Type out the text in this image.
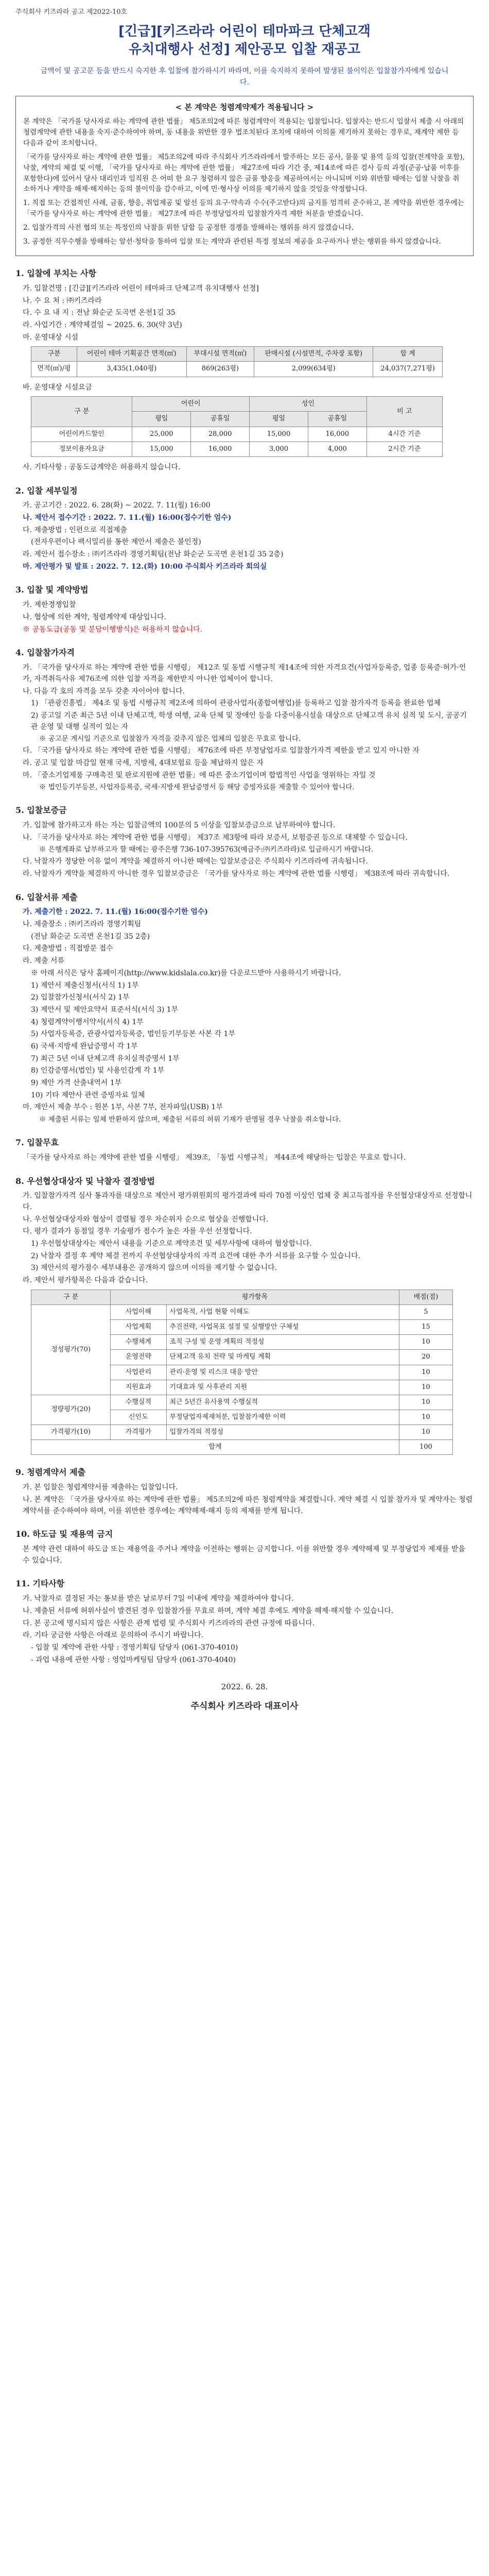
주식회사 키즈라라 공고 제2022-10호
[긴급][키즈라라 어린이 테마파크 단체고객
유치대행사 선정] 제안공모 입찰 재공고
금액이 및 공고문 등을 반드시 숙지한 후 입찰에 참가하시기 바라며, 이를 숙지하지 못하여 발생된 불이익은 입찰참가자에게 있습니다.
< 본 계약은 청렴계약제가 적용됩니다 >

본 계약은 「국가를 당사자로 하는 계약에 관한 법률」 제5조의2에 따른 청렴계약이 적용되는 입찰입니다. 입찰자는 반드시 입찰서 제출 시 아래의 청렴계약에 관한 내용을 숙지·준수하여야 하며, 동 내용을 위반한 경우 법조치된다 조치에 대하여 이의를 제기하지 못하는 경우로, 재계약 제한 등 다음과 같이 조치합니다.

「국가를 당사자로 하는 계약에 관한 법률」 제5조의2에 따라 주식회사 키즈라라에서 발주하는 모든 공사, 물품 및 용역 등의 입찰(전계약을 포함), 낙찰, 계약의 체결 및 이행, 「국가를 당사자로 하는 계약에 관한 법률」 제27조에 따라 기간 중, 제14조에 따른 검사 등의 과정(준공·납품 이후를 포함한다)에 있어서 당사 대리인과 임직원 은 어떠 한 요구 청렴하지 않은 금품 향응을 제공하여서는 아니되며 이와 위반할 때에는 입찰 낙찰을 취소하거나 계약을 해제·해지하는 등의 불이익을 감수하고, 이에 민·형사상 이의를 제기하지 않을 것임을 약정합니다.

1. 직접 또는 간접적인 사례, 금품, 향응, 취업제공 및 알선 등의 요구·약속과 수수(주고받다)의 금지를 엄격히 준수하고, 본 계약을 위반한 경우에는 「국가를 당사자로 하는 계약에 관한 법률」 제27조에 따른 부정당업자의 입찰참가자격 제한 처분을 받겠습니다.

2. 입찰가격의 사전 협의 또는 특정인의 낙찰을 위한 담합 등 공정한 경쟁을 방해하는 행위를 하지 않겠습니다.

3. 공정한 직무수행을 방해하는 알선·청탁을 통하여 입찰 또는 계약과 관련된 특정 정보의 제공을 요구하거나 받는 행위를 하지 않겠습니다.

1. 입찰에 부치는 사항
가. 입찰건명 : [긴급][키즈라라 어린이 테마파크 단체고객 유치대행사 선정]
나. 수 요 처 : ㈜키즈라라
다. 수 요 내 지 : 전남 화순군 도곡면 온천1길 35
라. 사업기간 : 계약체결일 ~ 2025. 6. 30(약 3년)
마. 운영대상 시설
구분	어린이 테마 기획공간 면적(㎡)	부대시설 면적(㎡)	판매시설 (시설면적, 주차장 포함)	합 계
면적(㎡)/평	3,435(1,040평)	869(263평)	2,099(634평)	24,037(7,271평)
바. 운영대상 시설요금
구 분	어린이		성인		비 고
	평일	공휴일	평일	공휴일	
어린이카드할인	25,000	28,000	15,000	16,000	4시간 기준
정보이용자요금	15,000	16,000	3,000	4,000	2시간 기준
사. 기타사항 : 공동도급계약은 허용하지 않습니다.
2. 입찰 세부일정
가. 공고기간 : 2022. 6. 28(화) ~ 2022. 7. 11(월) 16:00
나. 제안서 접수기간 : 2022. 7. 11.(월) 16:00(접수기한 엄수)
다. 제출방법 : 인편으로 직접제출
(전자우편이나 팩시밀리를 통한 제안서 제출은 불인정)
라. 제안서 접수장소 : ㈜키즈라라 경영기획팀(전남 화순군 도곡면 온천1길 35 2층)
마. 제안평가 및 발표 : 2022. 7. 12.(화) 10:00 주식회사 키즈라라 회의실
3. 입찰 및 계약방법
가. 제한경쟁입찰
나. 협상에 의한 계약, 청렴계약제 대상입니다.
※ 공동도급(공동 및 분담이행방식)은 허용하지 않습니다.
4. 입찰참가자격
가. 「국가를 당사자로 하는 계약에 관한 법률 시행령」 제12조 및 동법 시행규칙 제14조에 의한 자격요건(사업자등록증, 업종 등록증·허가·인가, 자격취득사유 제76조에 의한 입찰 자격을 제한받지 아니한 업체이어 합니다.
나. 다음 각 호의 자격을 모두 갖춘 자이어야 합니다.
1) 「관광진흥법」 제4조 및 동법 시행규칙 제2조에 의하여 관광사업자(종합여행업)를 등록하고 입찰 참가자격 등록을 완료한 업체
2) 공고일 기준 최근 5년 이내 단체고객, 학생 여행, 교육 단체 및 장애인 등을 다중이용시설을 대상으로 단체고객 유치 실적 및 도시, 공공기관 운영 및 대행 실적이 있는 자
※ 공고문 게시일 기준으로 입찰참가 자격을 갖추지 않은 업체의 입찰은 무효로 합니다.
다. 「국가를 당사자로 하는 계약에 관한 법률 시행령」 제76조에 따른 부정당업자로 입찰참가자격 제한을 받고 있지 아니한 자
라. 공고 및 입찰 마감일 현재 국세, 지방세, 4대보험료 등을 체납하지 않은 자
마. 「중소기업제품 구매촉진 및 판로지원에 관한 법률」에 따른 중소기업이며 합법적인 사업을 영위하는 자일 것
※ 법인등기부등본, 사업자등록증, 국세·지방세 완납증명서 등 해당 증빙자료를 제출할 수 있어야 합니다.
5. 입찰보증금
가. 입찰에 참가하고자 하는 자는 입찰금액의 100분의 5 이상을 입찰보증금으로 납부하여야 합니다.
나. 「국가를 당사자로 하는 계약에 관한 법률 시행령」 제37조 제3항에 따라 보증서, 보험증권 등으로 대체할 수 있습니다.
※ 은행계좌로 납부하고자 할 때에는 광주은행 736-107-395763(예금주:㈜키즈라라)로 입금하시기 바랍니다.
다. 낙찰자가 정당한 이유 없이 계약을 체결하지 아니한 때에는 입찰보증금은 주식회사 키즈라라에 귀속됩니다.
라. 낙찰자가 계약을 체결하지 아니한 경우 입찰보증금은 「국가를 당사자로 하는 계약에 관한 법률 시행령」 제38조에 따라 귀속합니다.
6. 입찰서류 제출
가. 제출기한 : 2022. 7. 11.(월) 16:00(접수기한 엄수)
나. 제출장소 : ㈜키즈라라 경영기획팀
(전남 화순군 도곡면 온천1길 35 2층)
다. 제출방법 : 직접방문 접수
라. 제출 서류
※ 아래 서식은 당사 홈페이지(http://www.kidslala.co.kr)를 다운로드받아 사용하시기 바랍니다.
1) 제안서 제출신청서(서식 1) 1부
2) 입찰참가신청서(서식 2) 1부
3) 제안서 및 제안요약서 표준서식(서식 3) 1부
4) 청렴계약이행서약서(서식 4) 1부
5) 사업자등록증, 관광사업자등록증, 법인등기부등본 사본 각 1부
6) 국세·지방세 완납증명서 각 1부
7) 최근 5년 이내 단체고객 유치실적증명서 1부
8) 인감증명서(법인) 및 사용인감계 각 1부
9) 제안 가격 산출내역서 1부
10) 기타 제안사 관련 증빙자료 일체
마. 제안서 제출 부수 : 원본 1부, 사본 7부, 전자파일(USB) 1부
※ 제출된 서류는 일체 반환하지 않으며, 제출된 서류의 허위 기재가 판명될 경우 낙찰을 취소합니다.
7. 입찰무효
「국가를 당사자로 하는 계약에 관한 법률 시행령」 제39조, 「동법 시행규칙」 제44조에 해당하는 입찰은 무효로 합니다.
8. 우선협상대상자 및 낙찰자 결정방법
가. 입찰참가자격 심사 통과자를 대상으로 제안서 평가위원회의 평가결과에 따라 70점 이상인 업체 중 최고득점자를 우선협상대상자로 선정합니다.
나. 우선협상대상자와 협상이 결렬될 경우 차순위자 순으로 협상을 진행합니다.
다. 평가 결과가 동점일 경우 기술평가 점수가 높은 자를 우선 선정합니다.
1) 우선협상대상자는 제안서 내용을 기준으로 계약조건 및 세부사항에 대하여 협상합니다.
2) 낙찰자 결정 후 계약 체결 전까지 우선협상대상자의 자격 요건에 대한 추가 서류를 요구할 수 있습니다.
3) 제안서의 평가점수 세부내용은 공개하지 않으며 이의를 제기할 수 없습니다.
라. 제안서 평가항목은 다음과 같습니다.
구 분	평가항목		배점(점)
정성평가(70)	사업이해	사업목적, 사업 현황 이해도	5
	사업계획	추진전략, 사업목표 설정 및 실행방안 구체성	15
	수행체계	조직 구성 및 운영 계획의 적정성	10
	운영전략	단체고객 유치 전략 및 마케팅 계획	20
	사업관리	관리·운영 및 리스크 대응 방안	10
	지원효과	기대효과 및 사후관리 지원	10
정량평가(20)	수행실적	최근 5년간 유사용역 수행실적	10
	신인도	부정당업자제재처분, 입찰참가제한 이력	10
가격평가(10)	가격평가	입찰가격의 적정성	10
합계			100
9. 청렴계약서 제출
가. 본 입찰은 청렴계약서를 제출하는 입찰입니다.
나. 본 계약은 「국가를 당사자로 하는 계약에 관한 법률」 제5조의2에 따른 청렴계약을 체결합니다. 계약 체결 시 입찰 참가자 및 계약자는 청렴계약서를 준수하여야 하며, 이를 위반한 경우에는 계약해제·해지 등의 제재를 받게 됩니다.
10. 하도급 및 재용역 금지
본 계약 관련 대하여 하도급 또는 재용역을 주거나 계약을 이전하는 행위는 금지합니다. 이를 위반할 경우 계약해제 및 부정당업자 제재를 받을 수 있습니다.
11. 기타사항
가. 낙찰자로 결정된 자는 통보를 받은 날로부터 7일 이내에 계약을 체결하여야 합니다.
나. 제출된 서류에 허위사실이 발견된 경우 입찰참가를 무효로 하며, 계약 체결 후에도 계약을 해제·해지할 수 있습니다.
다. 본 공고에 명시되지 않은 사항은 관계 법령 및 주식회사 키즈라라의 관련 규정에 따릅니다.
라. 기타 궁금한 사항은 아래로 문의하여 주시기 바랍니다.
- 입찰 및 계약에 관한 사항 : 경영기획팀 담당자 (061-370-4010)
- 과업 내용에 관한 사항 : 영업마케팅팀 담당자 (061-370-4040)
2022. 6. 28.
주식회사 키즈라라 대표이사
